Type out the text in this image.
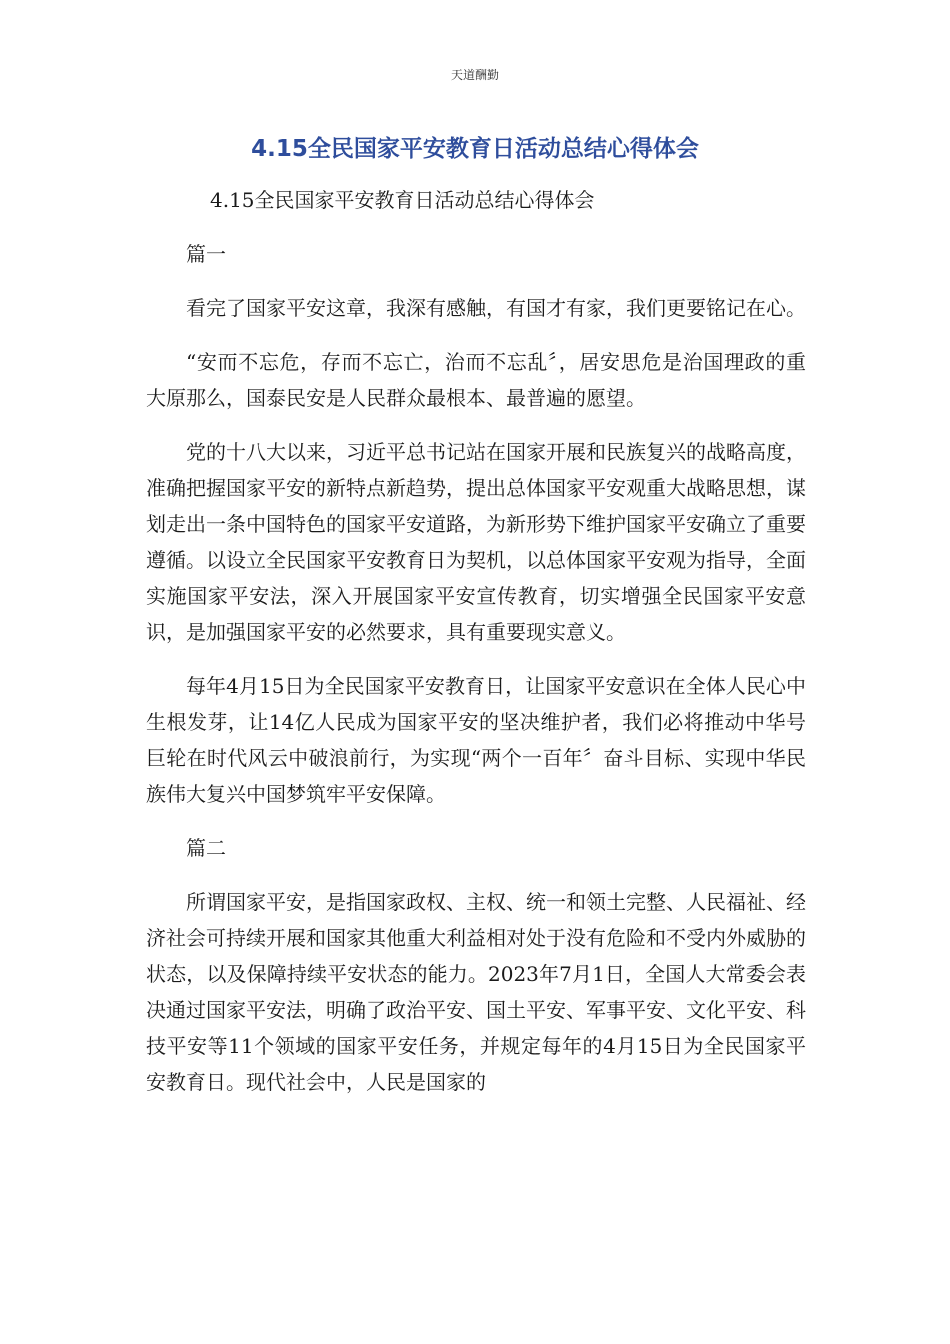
天道酬勤
4.15全民国家平安教育日活动总结心得体会

4.15全民国家平安教育日活动总结心得体会

篇一

看完了国家平安这章，我深有感触，有国才有家，我们更要铭记在心。

“安而不忘危，存而不忘亡，治而不忘乱〞，居安思危是治国理政的重大原那么，国泰民安是人民群众最根本、最普遍的愿望。

党的十八大以来，习近平总书记站在国家开展和民族复兴的战略高度，准确把握国家平安的新特点新趋势，提出总体国家平安观重大战略思想，谋划走出一条中国特色的国家平安道路，为新形势下维护国家平安确立了重要遵循。以设立全民国家平安教育日为契机，以总体国家平安观为指导，全面实施国家平安法，深入开展国家平安宣传教育，切实增强全民国家平安意识，是加强国家平安的必然要求，具有重要现实意义。

每年4月15日为全民国家平安教育日，让国家平安意识在全体人民心中生根发芽，让14亿人民成为国家平安的坚决维护者，我们必将推动中华号巨轮在时代风云中破浪前行，为实现“两个一百年〞奋斗目标、实现中华民族伟大复兴中国梦筑牢平安保障。

篇二

所谓国家平安，是指国家政权、主权、统一和领土完整、人民福祉、经济社会可持续开展和国家其他重大利益相对处于没有危险和不受内外威胁的状态，以及保障持续平安状态的能力。2023年7月1日，全国人大常委会表决通过国家平安法，明确了政治平安、国土平安、军事平安、文化平安、科技平安等11个领域的国家平安任务，并规定每年的4月15日为全民国家平安教育日。现代社会中，人民是国家的
